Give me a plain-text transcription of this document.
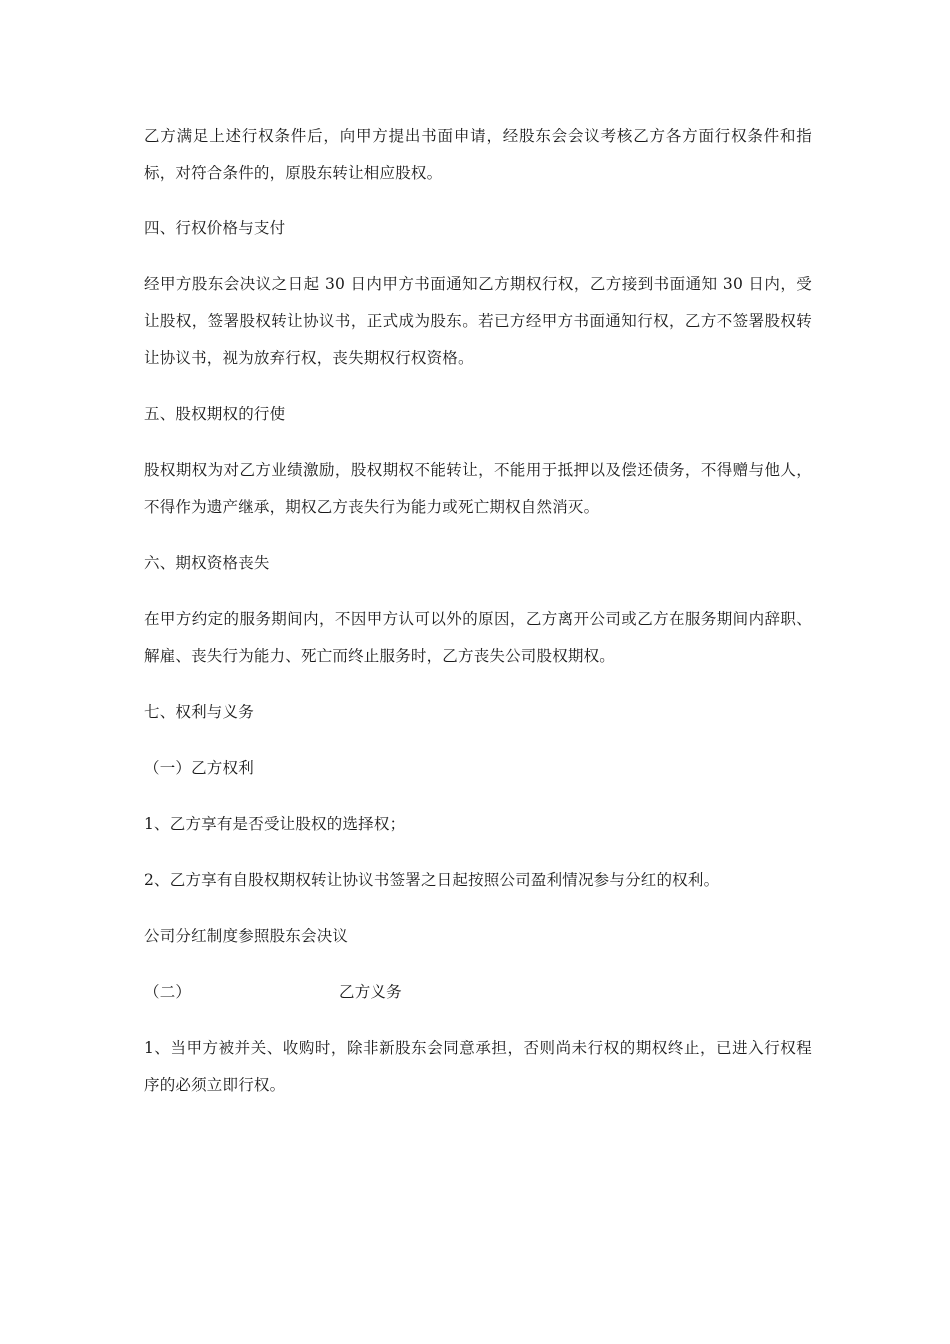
乙方满足上述行权条件后，向甲方提出书面申请，经股东会会议考核乙方各方面行权条件和指标，对符合条件的，原股东转让相应股权。

四、行权价格与支付

经甲方股东会决议之日起 30 日内甲方书面通知乙方期权行权，乙方接到书面通知 30 日内，受让股权，签署股权转让协议书，正式成为股东。若已方经甲方书面通知行权，乙方不签署股权转让协议书，视为放弃行权，丧失期权行权资格。

五、股权期权的行使

股权期权为对乙方业绩激励，股权期权不能转让，不能用于抵押以及偿还债务，不得赠与他人，不得作为遗产继承，期权乙方丧失行为能力或死亡期权自然消灭。

六、期权资格丧失

在甲方约定的服务期间内，不因甲方认可以外的原因，乙方离开公司或乙方在服务期间内辞职、解雇、丧失行为能力、死亡而终止服务时，乙方丧失公司股权期权。

七、权利与义务

（一）乙方权利

1、乙方享有是否受让股权的选择权；

2、乙方享有自股权期权转让协议书签署之日起按照公司盈利情况参与分红的权利。

公司分红制度参照股东会决议

（二）	乙方义务

1、当甲方被并关、收购时，除非新股东会同意承担，否则尚未行权的期权终止，已进入行权程序的必须立即行权。
